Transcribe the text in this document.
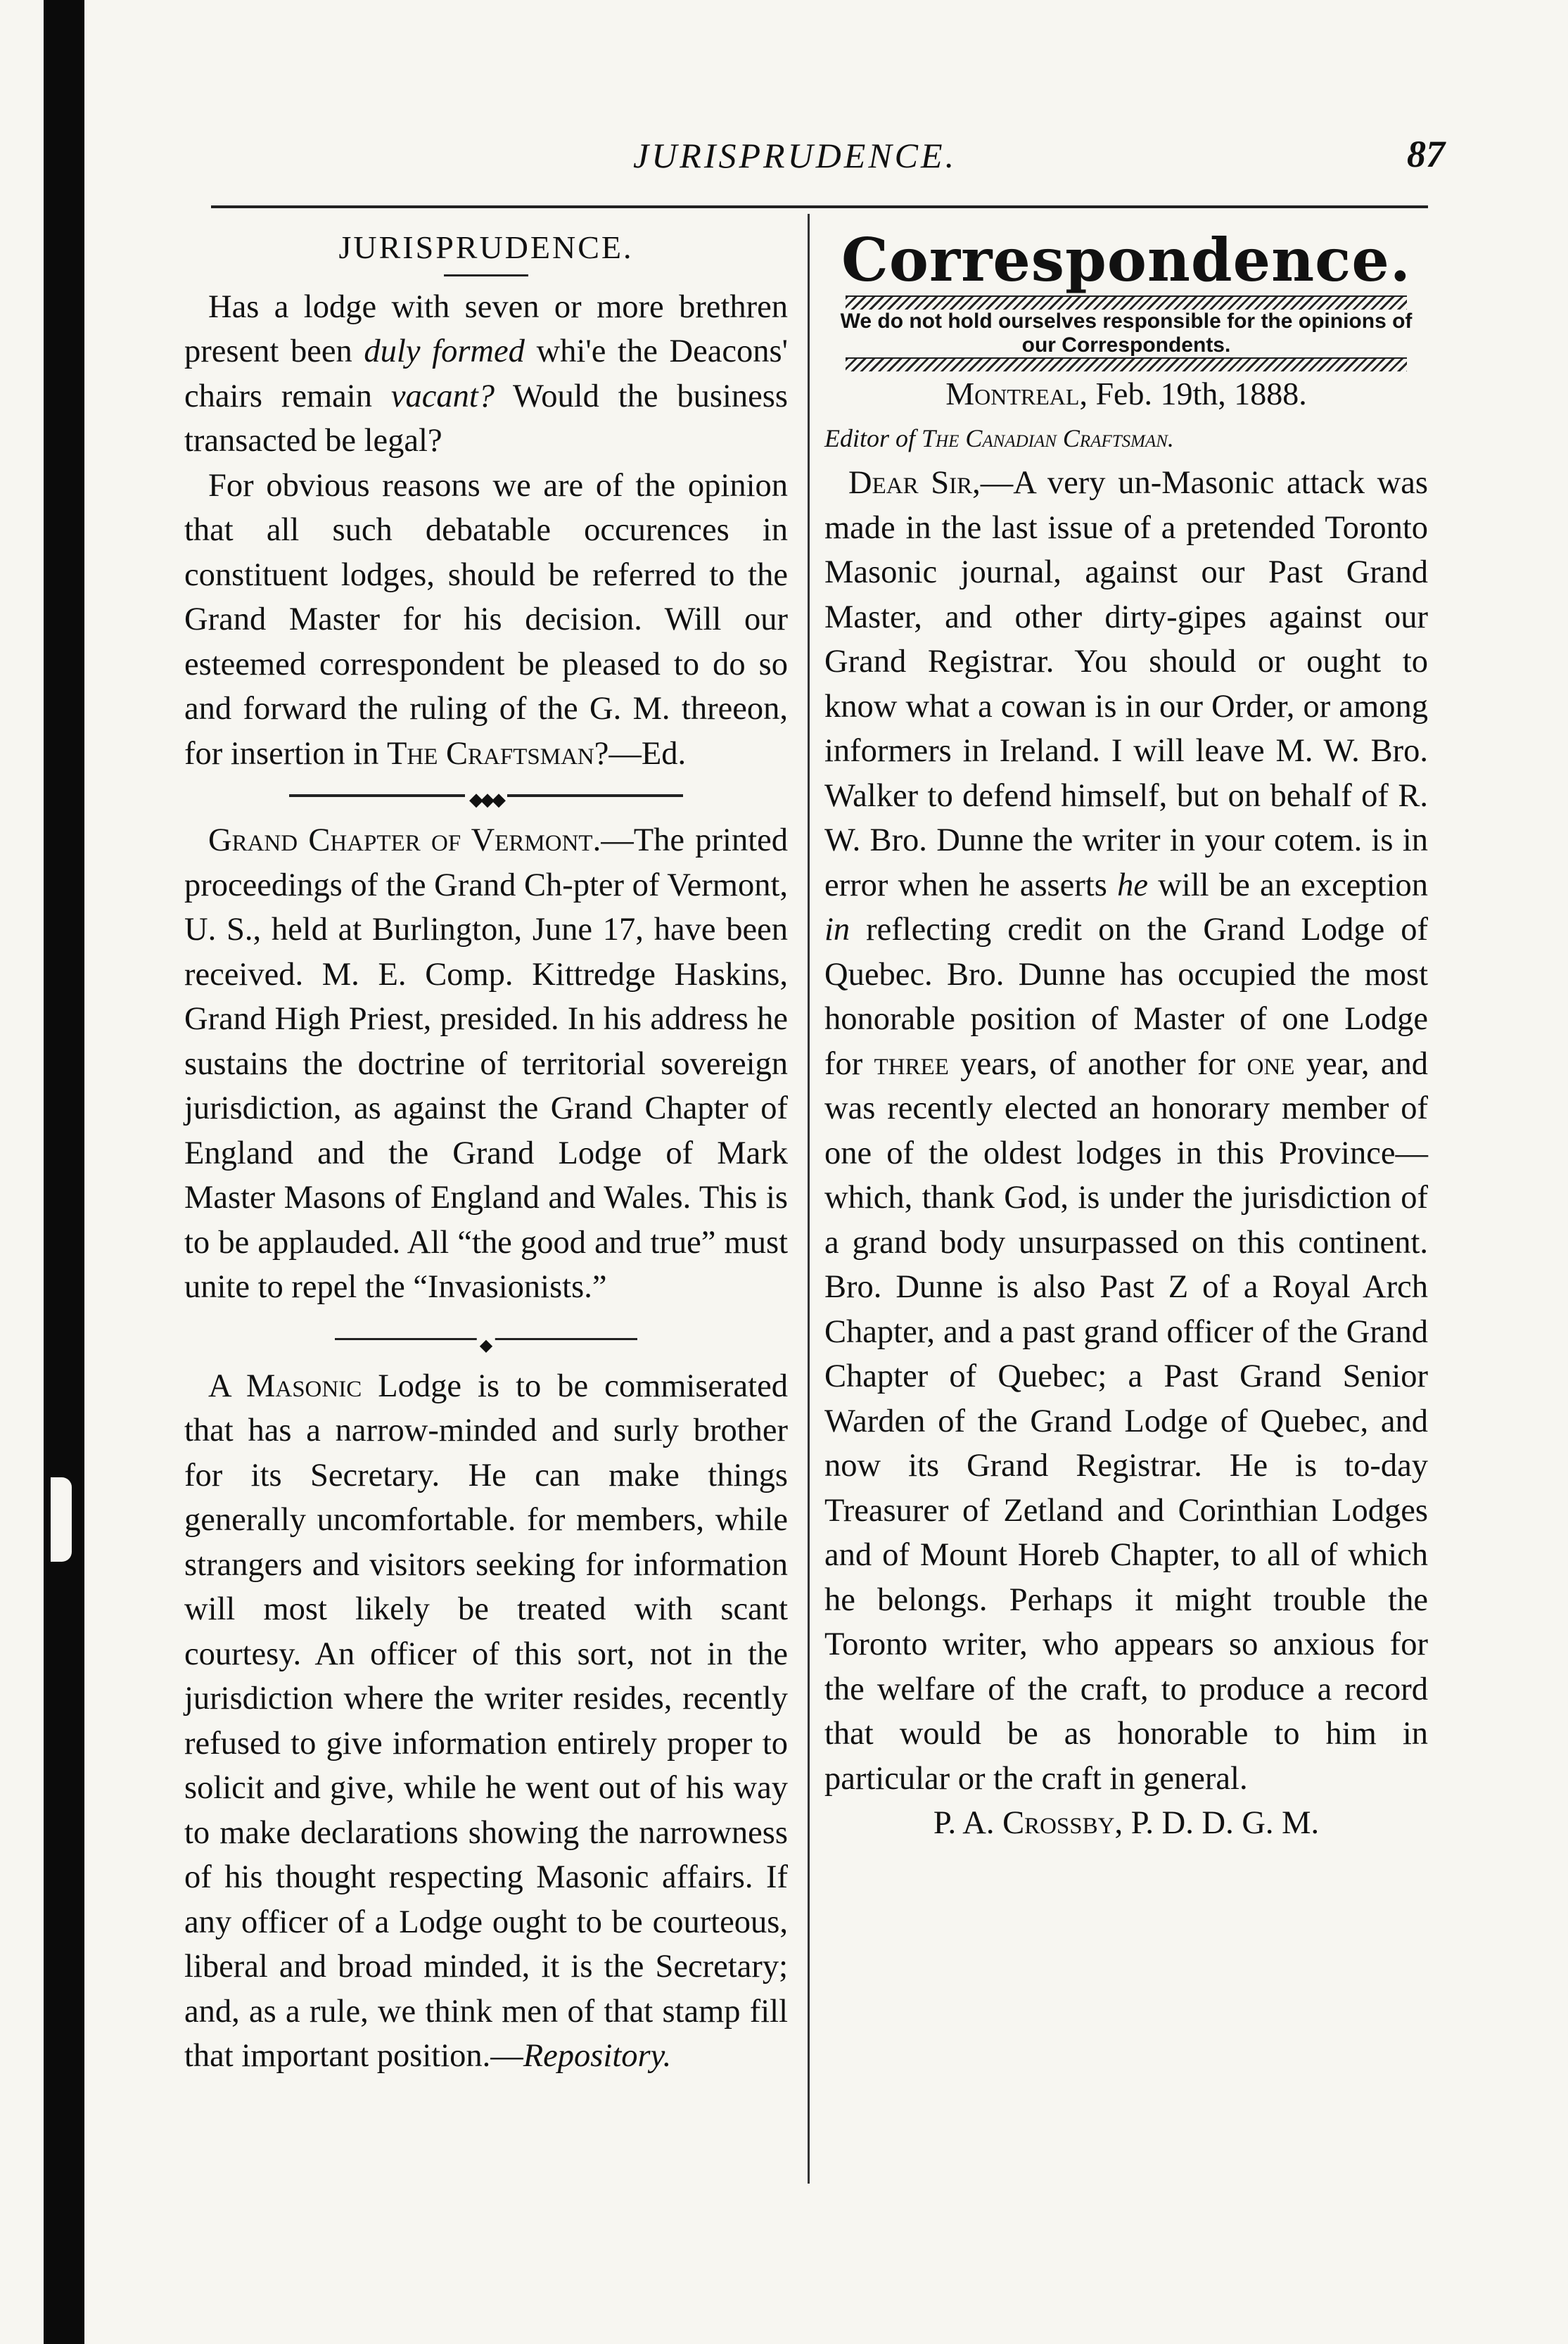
JURISPRUDENCE.	87

JURISPRUDENCE.

Has a lodge with seven or more brethren present been duly formed whi'e the Deacons' chairs remain vacant? Would the business transacted be legal?

For obvious reasons we are of the opinion that all such debatable occurences in constituent lodges, should be referred to the Grand Master for his decision. Will our esteemed correspondent be pleased to do so and forward the ruling of the G. M. threeon, for insertion in The Craftsman?—Ed.

◆◆◆

Grand Chapter of Vermont.—The printed proceedings of the Grand Ch-pter of Vermont, U. S., held at Burlington, June 17, have been received. M. E. Comp. Kittredge Haskins, Grand High Priest, presided. In his address he sustains the doctrine of territorial sovereign jurisdiction, as against the Grand Chapter of England and the Grand Lodge of Mark Master Masons of England and Wales. This is to be applauded. All “the good and true” must unite to repel the “Invasionists.”

◆

A Masonic Lodge is to be commiserated that has a narrow-minded and surly brother for its Secretary. He can make things generally uncomfortable. for members, while strangers and visitors seeking for information will most likely be treated with scant courtesy. An officer of this sort, not in the jurisdiction where the writer resides, recently refused to give information entirely proper to solicit and give, while he went out of his way to make declarations showing the narrowness of his thought respecting Masonic affairs. If any officer of a Lodge ought to be courteous, liberal and broad minded, it is the Secretary; and, as a rule, we think men of that stamp fill that important position.—Repository.

Correspondence.

We do not hold ourselves responsible for the opinions of our Correspondents.

Montreal, Feb. 19th, 1888.

Editor of The Canadian Craftsman.

Dear Sir,—A very un-Masonic attack was made in the last issue of a pretended Toronto Masonic journal, against our Past Grand Master, and other dirty-gipes against our Grand Registrar. You should or ought to know what a cowan is in our Order, or among informers in Ireland. I will leave M. W. Bro. Walker to defend himself, but on behalf of R. W. Bro. Dunne the writer in your cotem. is in error when he asserts he will be an exception in reflecting credit on the Grand Lodge of Quebec. Bro. Dunne has occupied the most honorable position of Master of one Lodge for three years, of another for one year, and was recently elected an honorary member of one of the oldest lodges in this Province—which, thank God, is under the jurisdiction of a grand body unsurpassed on this continent. Bro. Dunne is also Past Z of a Royal Arch Chapter, and a past grand officer of the Grand Chapter of Quebec; a Past Grand Senior Warden of the Grand Lodge of Quebec, and now its Grand Registrar. He is to-day Treasurer of Zetland and Corinthian Lodges and of Mount Horeb Chapter, to all of which he belongs. Perhaps it might trouble the Toronto writer, who appears so anxious for the welfare of the craft, to produce a record that would be as honorable to him in particular or the craft in general.

P. A. Crossby, P. D. D. G. M.
